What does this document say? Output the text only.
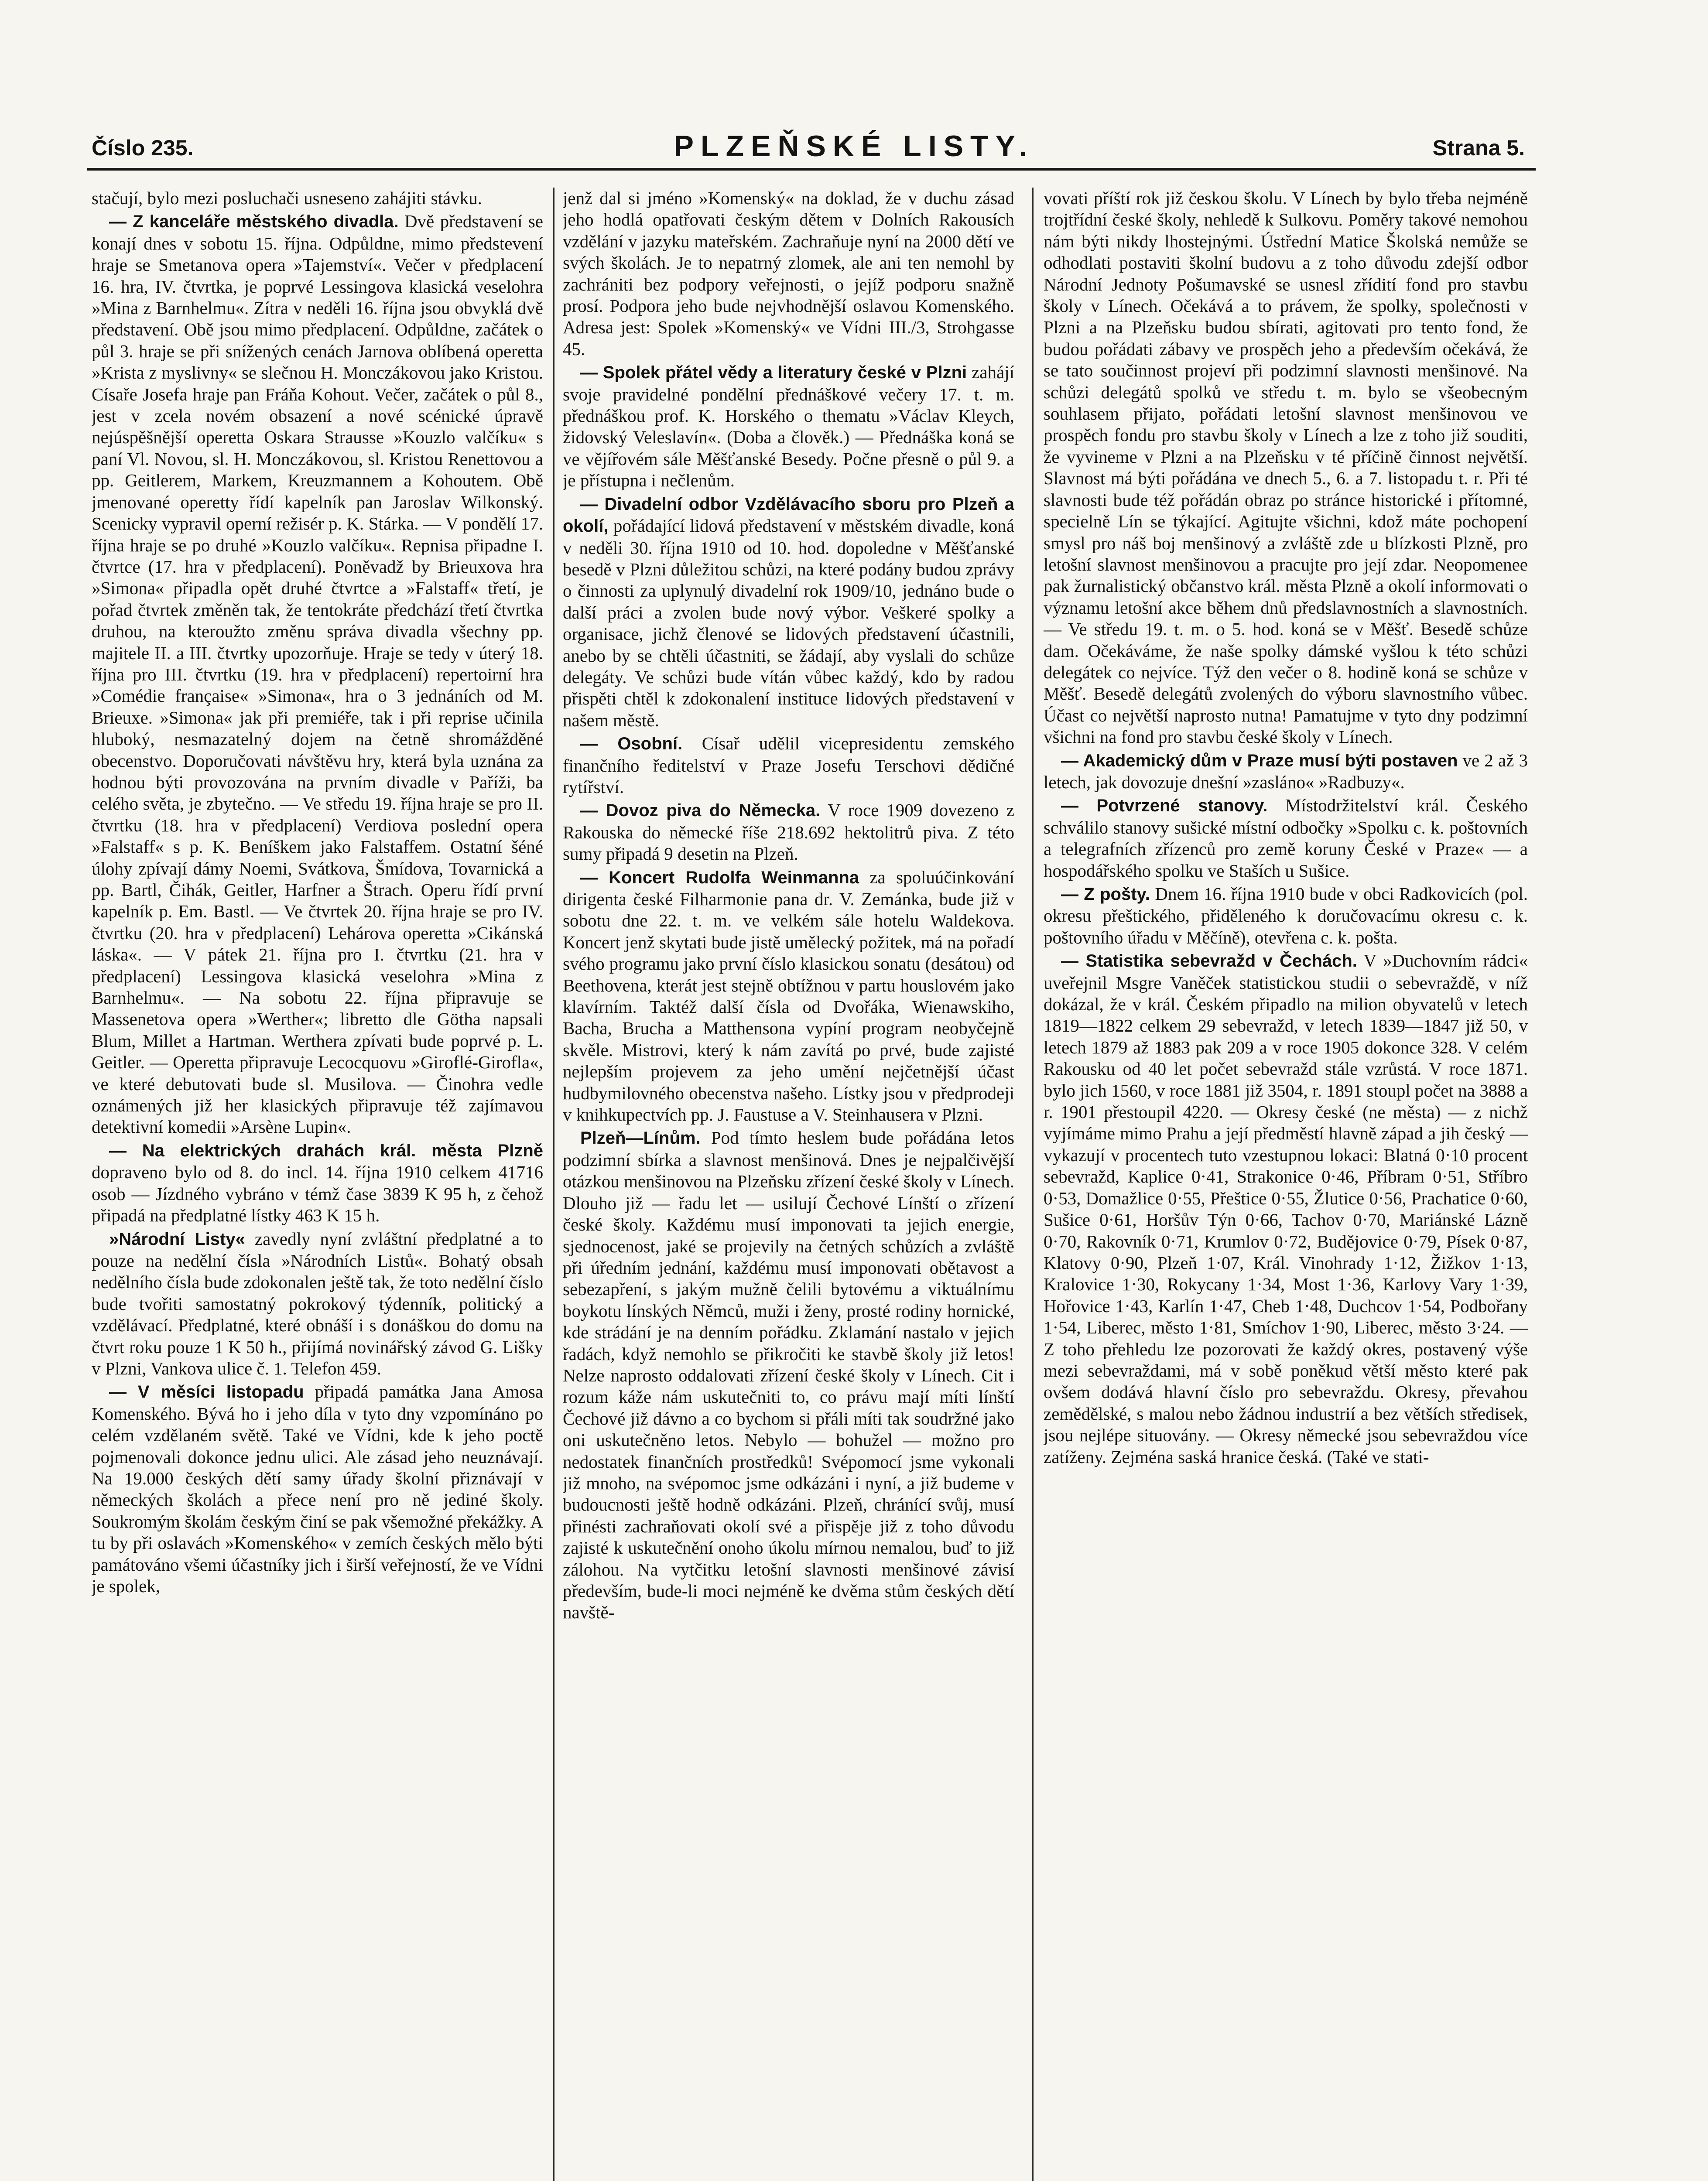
Číslo 235.	PLZEŇSKÉ LISTY.	Strana 5.

stačují, bylo mezi posluchači usneseno zahájiti stávku.

— Z kanceláře městského divadla. Dvě představení se konají dnes v sobotu 15. října. Odpůldne, mimo předstevení hraje se Smetanova opera »Tajemství«. Večer v předplacení 16. hra, IV. čtvrtka, je poprvé Lessingova klasická veselohra »Mina z Barnhelmu«. Zítra v neděli 16. října jsou obvyklá dvě představení. Obě jsou mimo předplacení. Odpůldne, začátek o půl 3. hraje se při snížených cenách Jarnova oblíbená operetta »Krista z myslivny« se slečnou H. Monczákovou jako Kristou. Císaře Josefa hraje pan Fráňa Kohout. Večer, začátek o půl 8., jest v zcela novém obsazení a nové scénické úpravě nejúspěšnější operetta Oskara Strausse »Kouzlo valčíku« s paní Vl. Novou, sl. H. Monczákovou, sl. Kristou Renettovou a pp. Geitlerem, Markem, Kreuzmannem a Kohoutem. Obě jmenované operetty řídí kapelník pan Jaroslav Wilkonský. Scenicky vypravil operní režisér p. K. Stárka. — V pondělí 17. října hraje se po druhé »Kouzlo valčíku«. Repnisa připadne I. čtvrtce (17. hra v předplacení). Poněvadž by Brieuxova hra »Simona« připadla opět druhé čtvrtce a »Falstaff« třetí, je pořad čtvrtek změněn tak, že tentokráte předchází třetí čtvrtka druhou, na kteroužto změnu správa divadla všechny pp. majitele II. a III. čtvrtky upozorňuje. Hraje se tedy v úterý 18. října pro III. čtvrtku (19. hra v předplacení) repertoirní hra »Comédie française« »Simona«, hra o 3 jednáních od M. Brieuxe. »Simona« jak při premiéře, tak i při reprise učinila hluboký, nesmazatelný dojem na četně shromážděné obecenstvo. Doporučovati návštěvu hry, která byla uznána za hodnou býti provozována na prvním divadle v Paříži, ba celého světa, je zbytečno. — Ve středu 19. října hraje se pro II. čtvrtku (18. hra v předplacení) Verdiova poslední opera »Falstaff« s p. K. Beníškem jako Falstaffem. Ostatní šéné úlohy zpívají dámy Noemi, Svátkova, Šmídova, Tovarnická a pp. Bartl, Čihák, Geitler, Harfner a Štrach. Operu řídí první kapelník p. Em. Bastl. — Ve čtvrtek 20. října hraje se pro IV. čtvrtku (20. hra v předplacení) Lehárova operetta »Cikánská láska«. — V pátek 21. října pro I. čtvrtku (21. hra v předplacení) Lessingova klasická veselohra »Mina z Barnhelmu«. — Na sobotu 22. října připravuje se Massenetova opera »Werther«; libretto dle Götha napsali Blum, Millet a Hartman. Werthera zpívati bude poprvé p. L. Geitler. — Operetta připravuje Lecocquovu »Giroflé-Girofla«, ve které debutovati bude sl. Musilova. — Činohra vedle oznámených již her klasických připravuje též zajímavou detektivní komedii »Arsène Lupin«.

— Na elektrických drahách král. města Plzně dopraveno bylo od 8. do incl. 14. října 1910 celkem 41716 osob — Jízdného vybráno v témž čase 3839 K 95 h, z čehož připadá na předplatné lístky 463 K 15 h.

»Národní Listy« zavedly nyní zvláštní předplatné a to pouze na nedělní čísla »Národních Listů«. Bohatý obsah nedělního čísla bude zdokonalen ještě tak, že toto nedělní číslo bude tvořiti samostatný pokrokový týdenník, politický a vzdělávací. Předplatné, které obnáší i s donáškou do domu na čtvrt roku pouze 1 K 50 h., přijímá novinářský závod G. Lišky v Plzni, Vankova ulice č. 1. Telefon 459.

— V měsíci listopadu připadá památka Jana Amosa Komenského. Bývá ho i jeho díla v tyto dny vzpomínáno po celém vzdělaném světě. Také ve Vídni, kde k jeho poctě pojmenovali dokonce jednu ulici. Ale zásad jeho neuznávají. Na 19.000 českých dětí samy úřady školní přiznávají v německých školách a přece není pro ně jediné školy. Soukromým školám českým činí se pak všemožné překážky. A tu by při oslavách »Komenského« v zemích českých mělo býti památováno všemi účastníky jich i širší veřejností, že ve Vídni je spolek,

jenž dal si jméno »Komenský« na doklad, že v duchu zásad jeho hodlá opatřovati českým dětem v Dolních Rakousích vzdělání v jazyku mateřském. Zachraňuje nyní na 2000 dětí ve svých školách. Je to nepatrný zlomek, ale ani ten nemohl by zachrániti bez podpory veřejnosti, o jejíž podporu snažně prosí. Podpora jeho bude nejvhodnější oslavou Komenského. Adresa jest: Spolek »Komenský« ve Vídni III./3, Strohgasse 45.

— Spolek přátel vědy a literatury české v Plzni zahájí svoje pravidelné pondělní přednáškové večery 17. t. m. přednáškou prof. K. Horského o thematu »Václav Kleych, židovský Veleslavín«. (Doba a člověk.) — Přednáška koná se ve vějířovém sále Měšťanské Besedy. Počne přesně o půl 9. a je přístupna i nečlenům.

— Divadelní odbor Vzdělávacího sboru pro Plzeň a okolí, pořádající lidová představení v městském divadle, koná v neděli 30. října 1910 od 10. hod. dopoledne v Měšťanské besedě v Plzni důležitou schůzi, na které podány budou zprávy o činnosti za uplynulý divadelní rok 1909/10, jednáno bude o další práci a zvolen bude nový výbor. Veškeré spolky a organisace, jichž členové se lidových představení účastnili, anebo by se chtěli účastniti, se žádají, aby vyslali do schůze delegáty. Ve schůzi bude vítán vůbec každý, kdo by radou přispěti chtěl k zdokonalení instituce lidových představení v našem městě.

— Osobní. Císař udělil vicepresidentu zemského finančního ředitelství v Praze Josefu Terschovi dědičné rytířství.

— Dovoz piva do Německa. V roce 1909 dovezeno z Rakouska do německé říše 218.692 hektolitrů piva. Z této sumy připadá 9 desetin na Plzeň.

— Koncert Rudolfa Weinmanna za spoluúčinkování dirigenta české Filharmonie pana dr. V. Zemánka, bude již v sobotu dne 22. t. m. ve velkém sále hotelu Waldekova. Koncert jenž skytati bude jistě umělecký požitek, má na pořadí svého programu jako první číslo klasickou sonatu (desátou) od Beethovena, kterát jest stejně obtížnou v partu houslovém jako klavírním. Taktéž další čísla od Dvořáka, Wienawskiho, Bacha, Brucha a Matthensona vypíní program neobyčejně skvěle. Mistrovi, který k nám zavítá po prvé, bude zajisté nejlepším projevem za jeho umění nejčetnější účast hudbymilovného obecenstva našeho. Lístky jsou v předprodeji v knihkupectvích pp. J. Faustuse a V. Steinhausera v Plzni.

Plzeň—Línům. Pod tímto heslem bude pořádána letos podzimní sbírka a slavnost menšinová. Dnes je nejpalčivější otázkou menšinovou na Plzeňsku zřízení české školy v Línech. Dlouho již — řadu let — usilují Čechové Línští o zřízení české školy. Každému musí imponovati ta jejich energie, sjednocenost, jaké se projevily na četných schůzích a zvláště při úředním jednání, každému musí imponovati obětavost a sebezapření, s jakým mužně čelili bytovému a viktuálnímu boykotu línských Němců, muži i ženy, prosté rodiny hornické, kde strádání je na denním pořádku. Zklamání nastalo v jejich řadách, když nemohlo se přikročiti ke stavbě školy již letos! Nelze naprosto oddalovati zřízení české školy v Línech. Cit i rozum káže nám uskutečniti to, co právu mají míti línští Čechové již dávno a co bychom si přáli míti tak soudržné jako oni uskutečněno letos. Nebylo — bohužel — možno pro nedostatek finančních prostředků! Svépomocí jsme vykonali již mnoho, na svépomoc jsme odkázáni i nyní, a již budeme v budoucnosti ještě hodně odkázáni. Plzeň, chránící svůj, musí přinésti zachraňovati okolí své a přispěje již z toho důvodu zajisté k uskutečnění onoho úkolu mírnou nemalou, buď to již zálohou. Na vytčitku letošní slavnosti menšinové závisí především, bude-li moci nejméně ke dvěma stům českých dětí navště-

vovati příští rok již českou školu. V Línech by bylo třeba nejméně trojtřídní české školy, nehledě k Sulkovu. Poměry takové nemohou nám býti nikdy lhostejnými. Ústřední Matice Školská nemůže se odhodlati postaviti školní budovu a z toho důvodu zdejší odbor Národní Jednoty Pošumavské se usnesl zřídití fond pro stavbu školy v Línech. Očekává a to právem, že spolky, společnosti v Plzni a na Plzeňsku budou sbírati, agitovati pro tento fond, že budou pořádati zábavy ve prospěch jeho a především očekává, že se tato součinnost projeví při podzimní slavnosti menšinové. Na schůzi delegátů spolků ve středu t. m. bylo se všeobecným souhlasem přijato, pořádati letošní slavnost menšinovou ve prospěch fondu pro stavbu školy v Línech a lze z toho již souditi, že vyvineme v Plzni a na Plzeňsku v té příčině činnost největší. Slavnost má býti pořádána ve dnech 5., 6. a 7. listopadu t. r. Při té slavnosti bude též pořádán obraz po stránce historické i přítomné, specielně Lín se týkající. Agitujte všichni, kdož máte pochopení smysl pro náš boj menšinový a zvláště zde u blízkosti Plzně, pro letošní slavnost menšinovou a pracujte pro její zdar. Neopomenee pak žurnalistický občanstvo král. města Plzně a okolí informovati o významu letošní akce během dnů předslavnostních a slavnostních. — Ve středu 19. t. m. o 5. hod. koná se v Měšť. Besedě schůze dam. Očekáváme, že naše spolky dámské vyšlou k této schůzi delegátek co nejvíce. Týž den večer o 8. hodině koná se schůze v Měšť. Besedě delegátů zvolených do výboru slavnostního vůbec. Účast co největší naprosto nutna! Pamatujme v tyto dny podzimní všichni na fond pro stavbu české školy v Línech.

— Akademický dům v Praze musí býti postaven ve 2 až 3 letech, jak dovozuje dnešní »zasláno« »Radbuzy«.

— Potvrzené stanovy. Místodržitelství král. Českého schválilo stanovy sušické místní odbočky »Spolku c. k. poštovních a telegrafních zřízenců pro země koruny České v Praze« — a hospodářského spolku ve Staších u Sušice.

— Z pošty. Dnem 16. října 1910 bude v obci Radkovicích (pol. okresu přeštického, přiděleného k doručovacímu okresu c. k. poštovního úřadu v Měčíně), otevřena c. k. pošta.

— Statistika sebevražd v Čechách. V »Duchovním rádci« uveřejnil Msgre Vaněček statistickou studii o sebevraždě, v níž dokázal, že v král. Českém připadlo na milion obyvatelů v letech 1819—1822 celkem 29 sebevražd, v letech 1839—1847 již 50, v letech 1879 až 1883 pak 209 a v roce 1905 dokonce 328. V celém Rakousku od 40 let počet sebevražd stále vzrůstá. V roce 1871. bylo jich 1560, v roce 1881 již 3504, r. 1891 stoupl počet na 3888 a r. 1901 přestoupil 4220. — Okresy české (ne města) — z nichž vyjímáme mimo Prahu a její předměstí hlavně západ a jih český — vykazují v procentech tuto vzestupnou lokaci: Blatná 0·10 procent sebevražd, Kaplice 0·41, Strakonice 0·46, Příbram 0·51, Stříbro 0·53, Domažlice 0·55, Přeštice 0·55, Žlutice 0·56, Prachatice 0·60, Sušice 0·61, Horšův Týn 0·66, Tachov 0·70, Mariánské Lázně 0·70, Rakovník 0·71, Krumlov 0·72, Budějovice 0·79, Písek 0·87, Klatovy 0·90, Plzeň 1·07, Král. Vinohrady 1·12, Žižkov 1·13, Kralovice 1·30, Rokycany 1·34, Most 1·36, Karlovy Vary 1·39, Hořovice 1·43, Karlín 1·47, Cheb 1·48, Duchcov 1·54, Podbořany 1·54, Liberec, město 1·81, Smíchov 1·90, Liberec, město 3·24. — Z toho přehledu lze pozorovati že každý okres, postavený výše mezi sebevraždami, má v sobě poněkud větší město které pak ovšem dodává hlavní číslo pro sebevraždu. Okresy, převahou zemědělské, s malou nebo žádnou industrií a bez větších středisek, jsou nejlépe situovány. — Okresy německé jsou sebevraždou více zatíženy. Zejména saská hranice česká. (Také ve stati-
